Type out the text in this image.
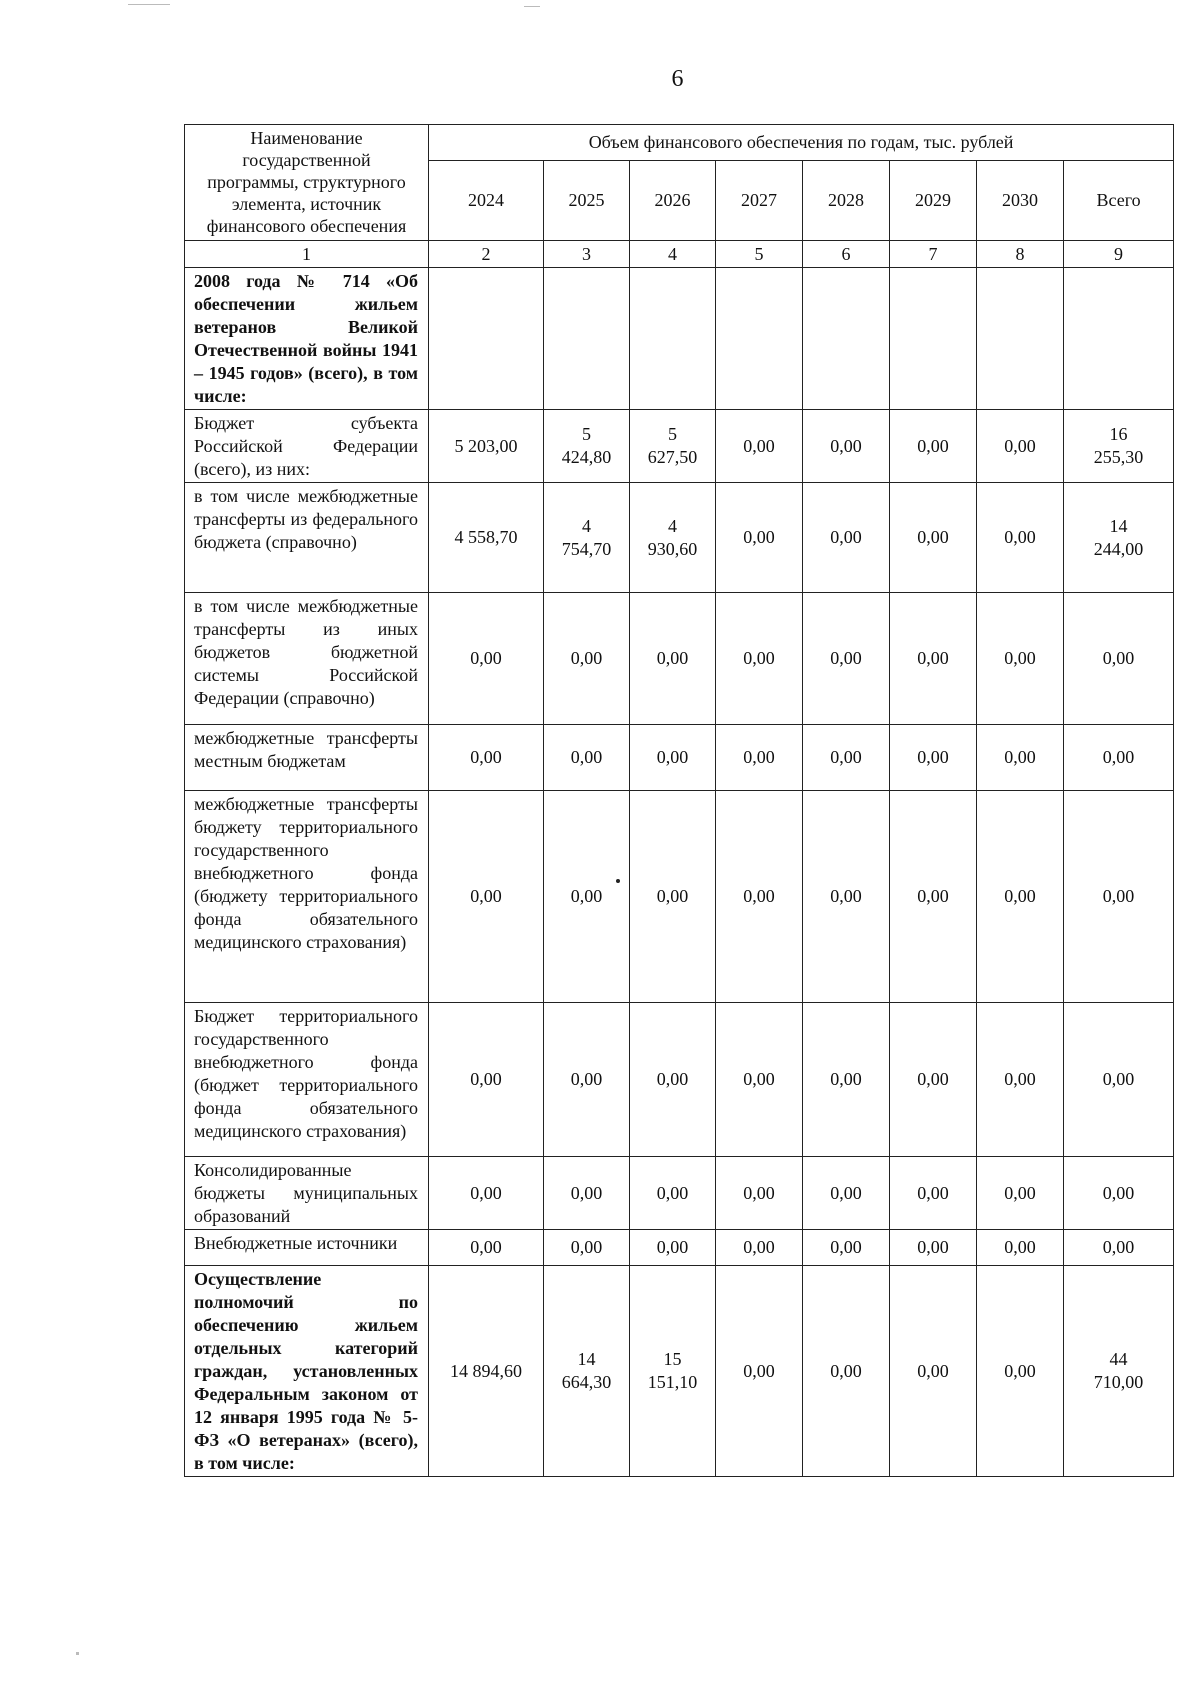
6
Наименование государственной программы, структурного элемента, источник финансового обеспечения	Объем финансового обеспечения по годам, тыс. рублей							
	2024	2025	2026	2027	2028	2029	2030	Всего
1	2	3	4	5	6	7	8	9
2008 года № 714 «Об обеспечении жильем ветеранов Великой Отечественной войны 1941 – 1945 годов» (всего), в том числе:								
Бюджет субъекта Российской Федерации (всего), из них:	5 203,00	5 424,80	5 627,50	0,00	0,00	0,00	0,00	16 255,30
в том числе межбюджетные трансферты из федерального бюджета (справочно)	4 558,70	4 754,70	4 930,60	0,00	0,00	0,00	0,00	14 244,00
в том числе межбюджетные трансферты из иных бюджетов бюджетной системы Российской Федерации (справочно)	0,00	0,00	0,00	0,00	0,00	0,00	0,00	0,00
межбюджетные трансферты местным бюджетам	0,00	0,00	0,00	0,00	0,00	0,00	0,00	0,00
межбюджетные трансферты бюджету территориального государственного внебюджетного фонда (бюджету территориального фонда обязательного медицинского страхования)	0,00	0,00	0,00	0,00	0,00	0,00	0,00	0,00
Бюджет территориального государственного внебюджетного фонда (бюджет территориального фонда обязательного медицинского страхования)	0,00	0,00	0,00	0,00	0,00	0,00	0,00	0,00
Консолидированные бюджеты муниципальных образований	0,00	0,00	0,00	0,00	0,00	0,00	0,00	0,00
Внебюджетные источники	0,00	0,00	0,00	0,00	0,00	0,00	0,00	0,00
Осуществление полномочий по обеспечению жильем отдельных категорий граждан, установленных Федеральным законом от 12 января 1995 года № 5-ФЗ «О ветеранах» (всего), в том числе:	14 894,60	14 664,30	15 151,10	0,00	0,00	0,00	0,00	44 710,00
